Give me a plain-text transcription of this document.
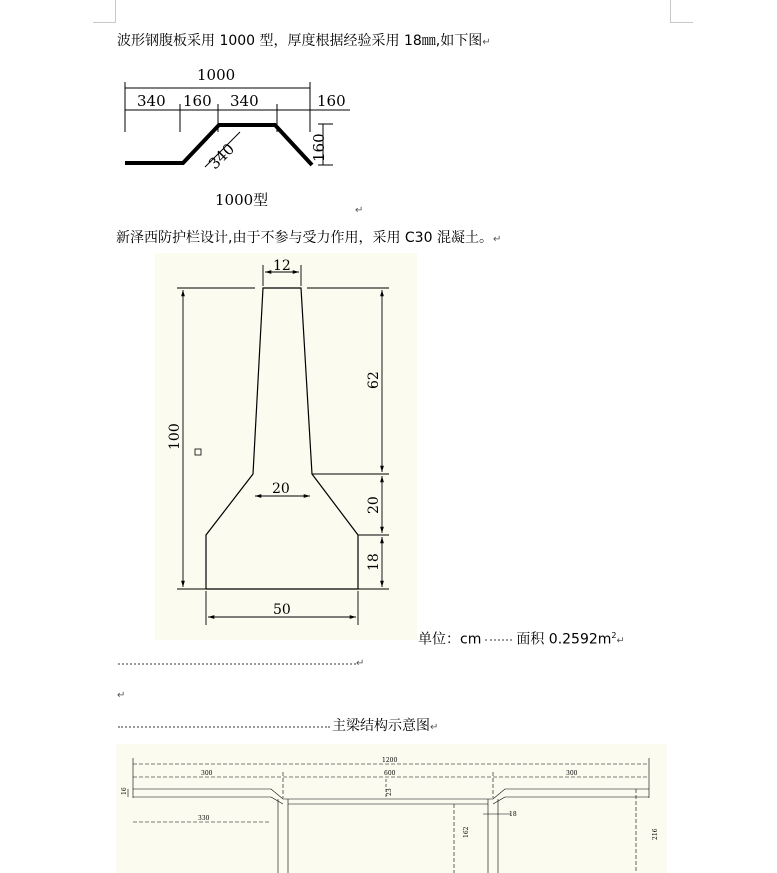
波形钢腹板采用 1000 型，厚度根据经验采用 18㎜,如下图↵
1000
340 160 340	160
340	160
1000型
↵
新泽西防护栏设计,由于不参与受力作用，采用 C30 混凝土。↵
12
62
20
20
18
100
50
单位：cm	面积 $0.2592m^2↵$
↵
↵
主梁结构示意图↵
1200
300	600	300
16	23
330
162
18
216
